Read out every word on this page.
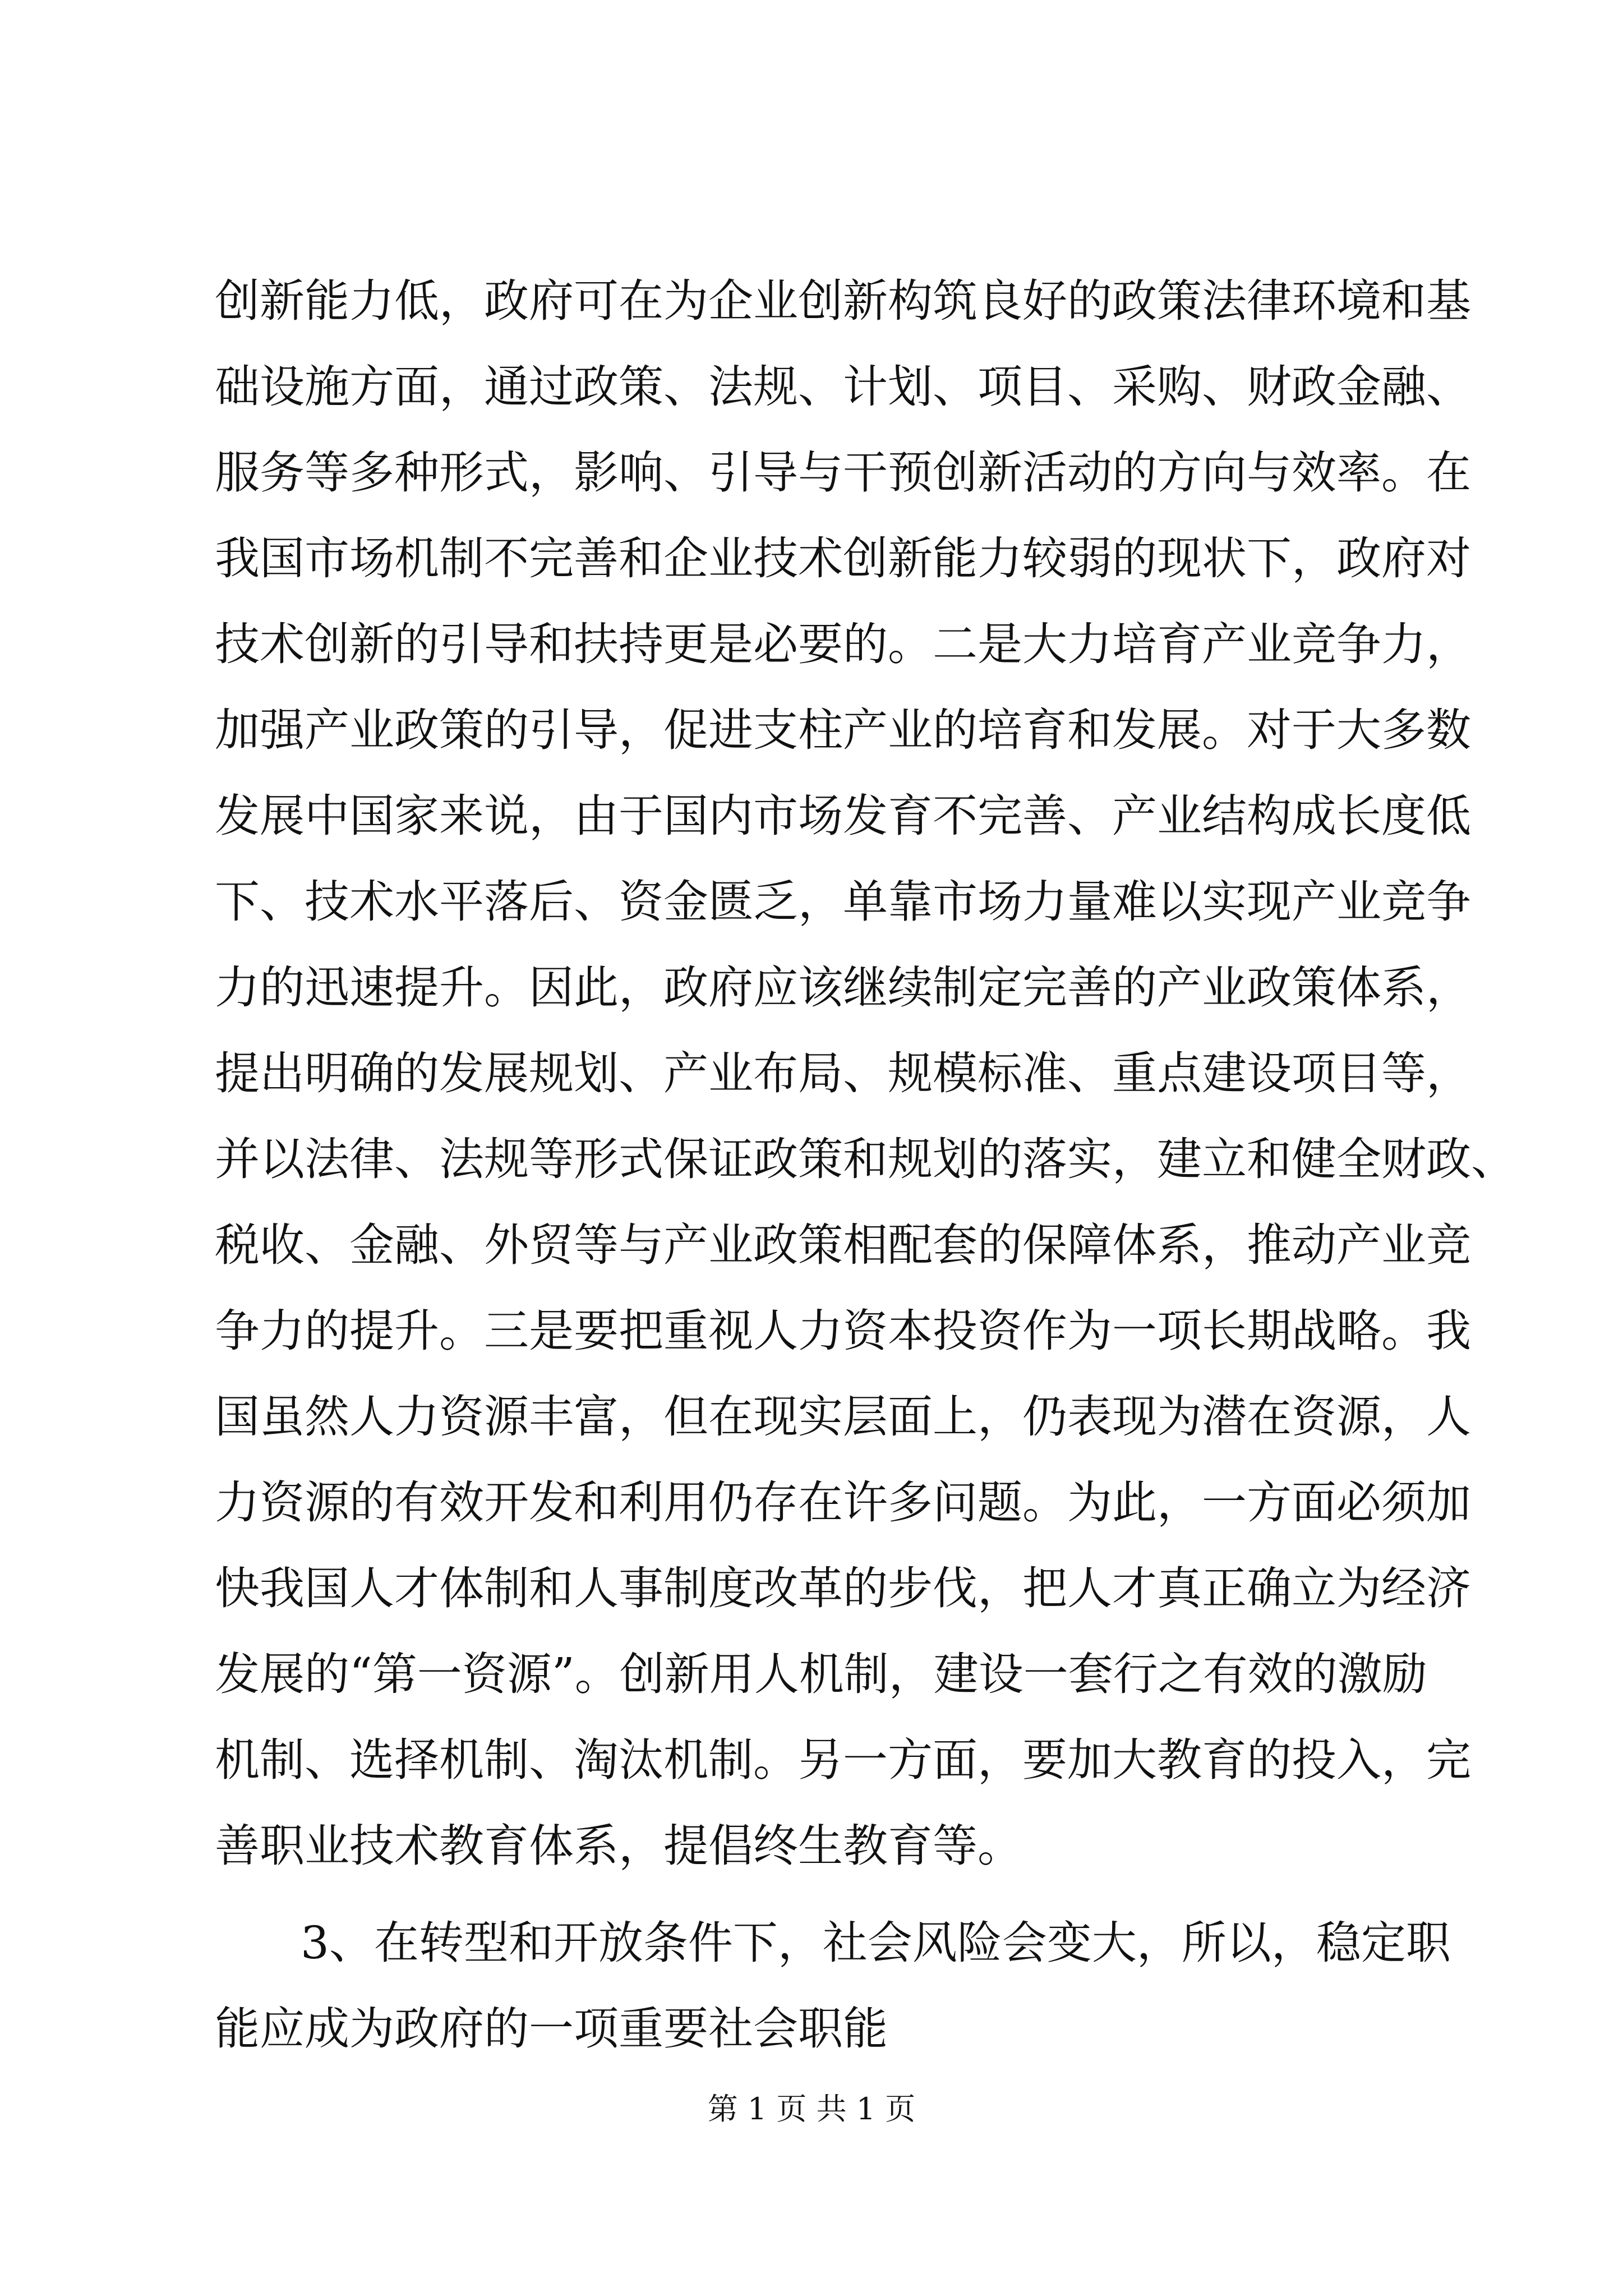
创新能力低，政府可在为企业创新构筑良好的政策法律环境和基
础设施方面，通过政策、法规、计划、项目、采购、财政金融、
服务等多种形式，影响、引导与干预创新活动的方向与效率。在
我国市场机制不完善和企业技术创新能力较弱的现状下，政府对
技术创新的引导和扶持更是必要的。二是大力培育产业竞争力，
加强产业政策的引导，促进支柱产业的培育和发展。对于大多数
发展中国家来说，由于国内市场发育不完善、产业结构成长度低
下、技术水平落后、资金匮乏，单靠市场力量难以实现产业竞争
力的迅速提升。因此，政府应该继续制定完善的产业政策体系，
提出明确的发展规划、产业布局、规模标准、重点建设项目等，
并以法律、法规等形式保证政策和规划的落实，建立和健全财政、
税收、金融、外贸等与产业政策相配套的保障体系，推动产业竞
争力的提升。三是要把重视人力资本投资作为一项长期战略。我
国虽然人力资源丰富，但在现实层面上，仍表现为潜在资源，人
力资源的有效开发和利用仍存在许多问题。为此，一方面必须加
快我国人才体制和人事制度改革的步伐，把人才真正确立为经济
发展的“第一资源”。创新用人机制，建设一套行之有效的激励
机制、选择机制、淘汰机制。另一方面，要加大教育的投入，完
善职业技术教育体系，提倡终生教育等。
3、在转型和开放条件下，社会风险会变大，所以，稳定职
能应成为政府的一项重要社会职能
第 1 页 共 1 页
